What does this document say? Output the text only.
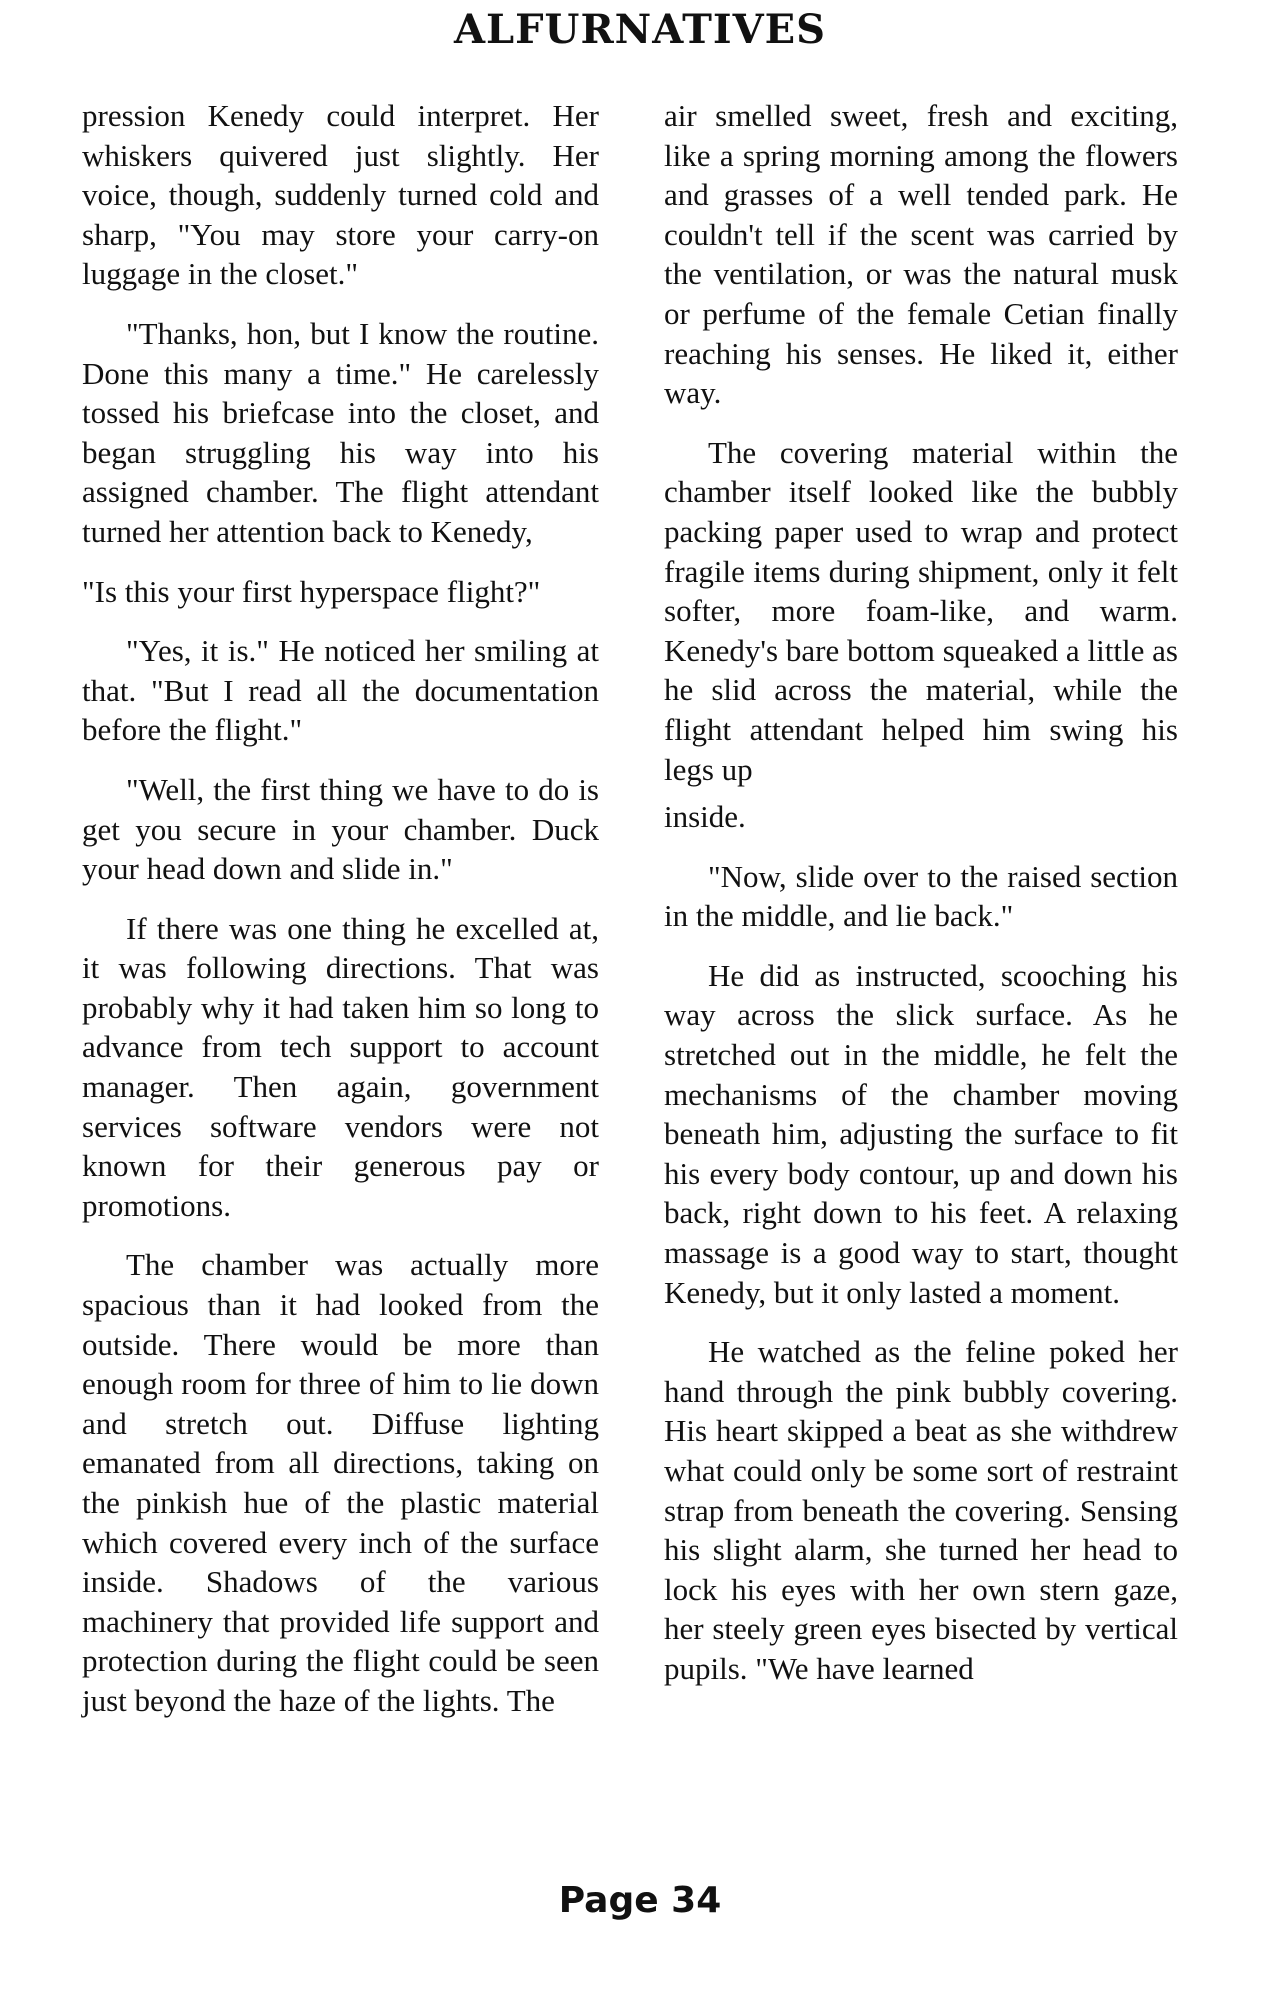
ALFURNATIVES

pression Kenedy could interpret. Her whiskers quivered just slightly. Her voice, though, suddenly turned cold and sharp, "You may store your carry-on luggage in the closet."

"Thanks, hon, but I know the routine. Done this many a time." He carelessly tossed his briefcase into the closet, and began struggling his way into his assigned chamber. The flight attendant turned her attention back to Kenedy,

"Is this your first hyperspace flight?"

"Yes, it is." He noticed her smiling at that. "But I read all the documentation before the flight."

"Well, the first thing we have to do is get you secure in your chamber. Duck your head down and slide in."

If there was one thing he excelled at, it was following directions. That was probably why it had taken him so long to advance from tech support to account manager. Then again, government services software vendors were not known for their generous pay or promotions.

The chamber was actually more spacious than it had looked from the outside. There would be more than enough room for three of him to lie down and stretch out. Diffuse lighting emanated from all directions, taking on the pinkish hue of the plastic material which covered every inch of the surface inside. Shadows of the various machinery that provided life support and protection during the flight could be seen just beyond the haze of the lights. The

air smelled sweet, fresh and exciting, like a spring morning among the flowers and grasses of a well tended park. He couldn't tell if the scent was carried by the ventilation, or was the natural musk or perfume of the female Cetian finally reaching his senses. He liked it, either way.

The covering material within the chamber itself looked like the bubbly packing paper used to wrap and protect fragile items during shipment, only it felt softer, more foam-like, and warm. Kenedy's bare bottom squeaked a little as he slid across the material, while the flight attendant helped him swing his legs up

inside.

"Now, slide over to the raised section in the middle, and lie back."

He did as instructed, scooching his way across the slick surface. As he stretched out in the middle, he felt the mechanisms of the chamber moving beneath him, adjusting the surface to fit his every body contour, up and down his back, right down to his feet. A relaxing massage is a good way to start, thought Kenedy, but it only lasted a moment.

He watched as the feline poked her hand through the pink bubbly covering. His heart skipped a beat as she withdrew what could only be some sort of restraint strap from beneath the covering. Sensing his slight alarm, she turned her head to lock his eyes with her own stern gaze, her steely green eyes bisected by vertical pupils. "We have learned

Page 34
